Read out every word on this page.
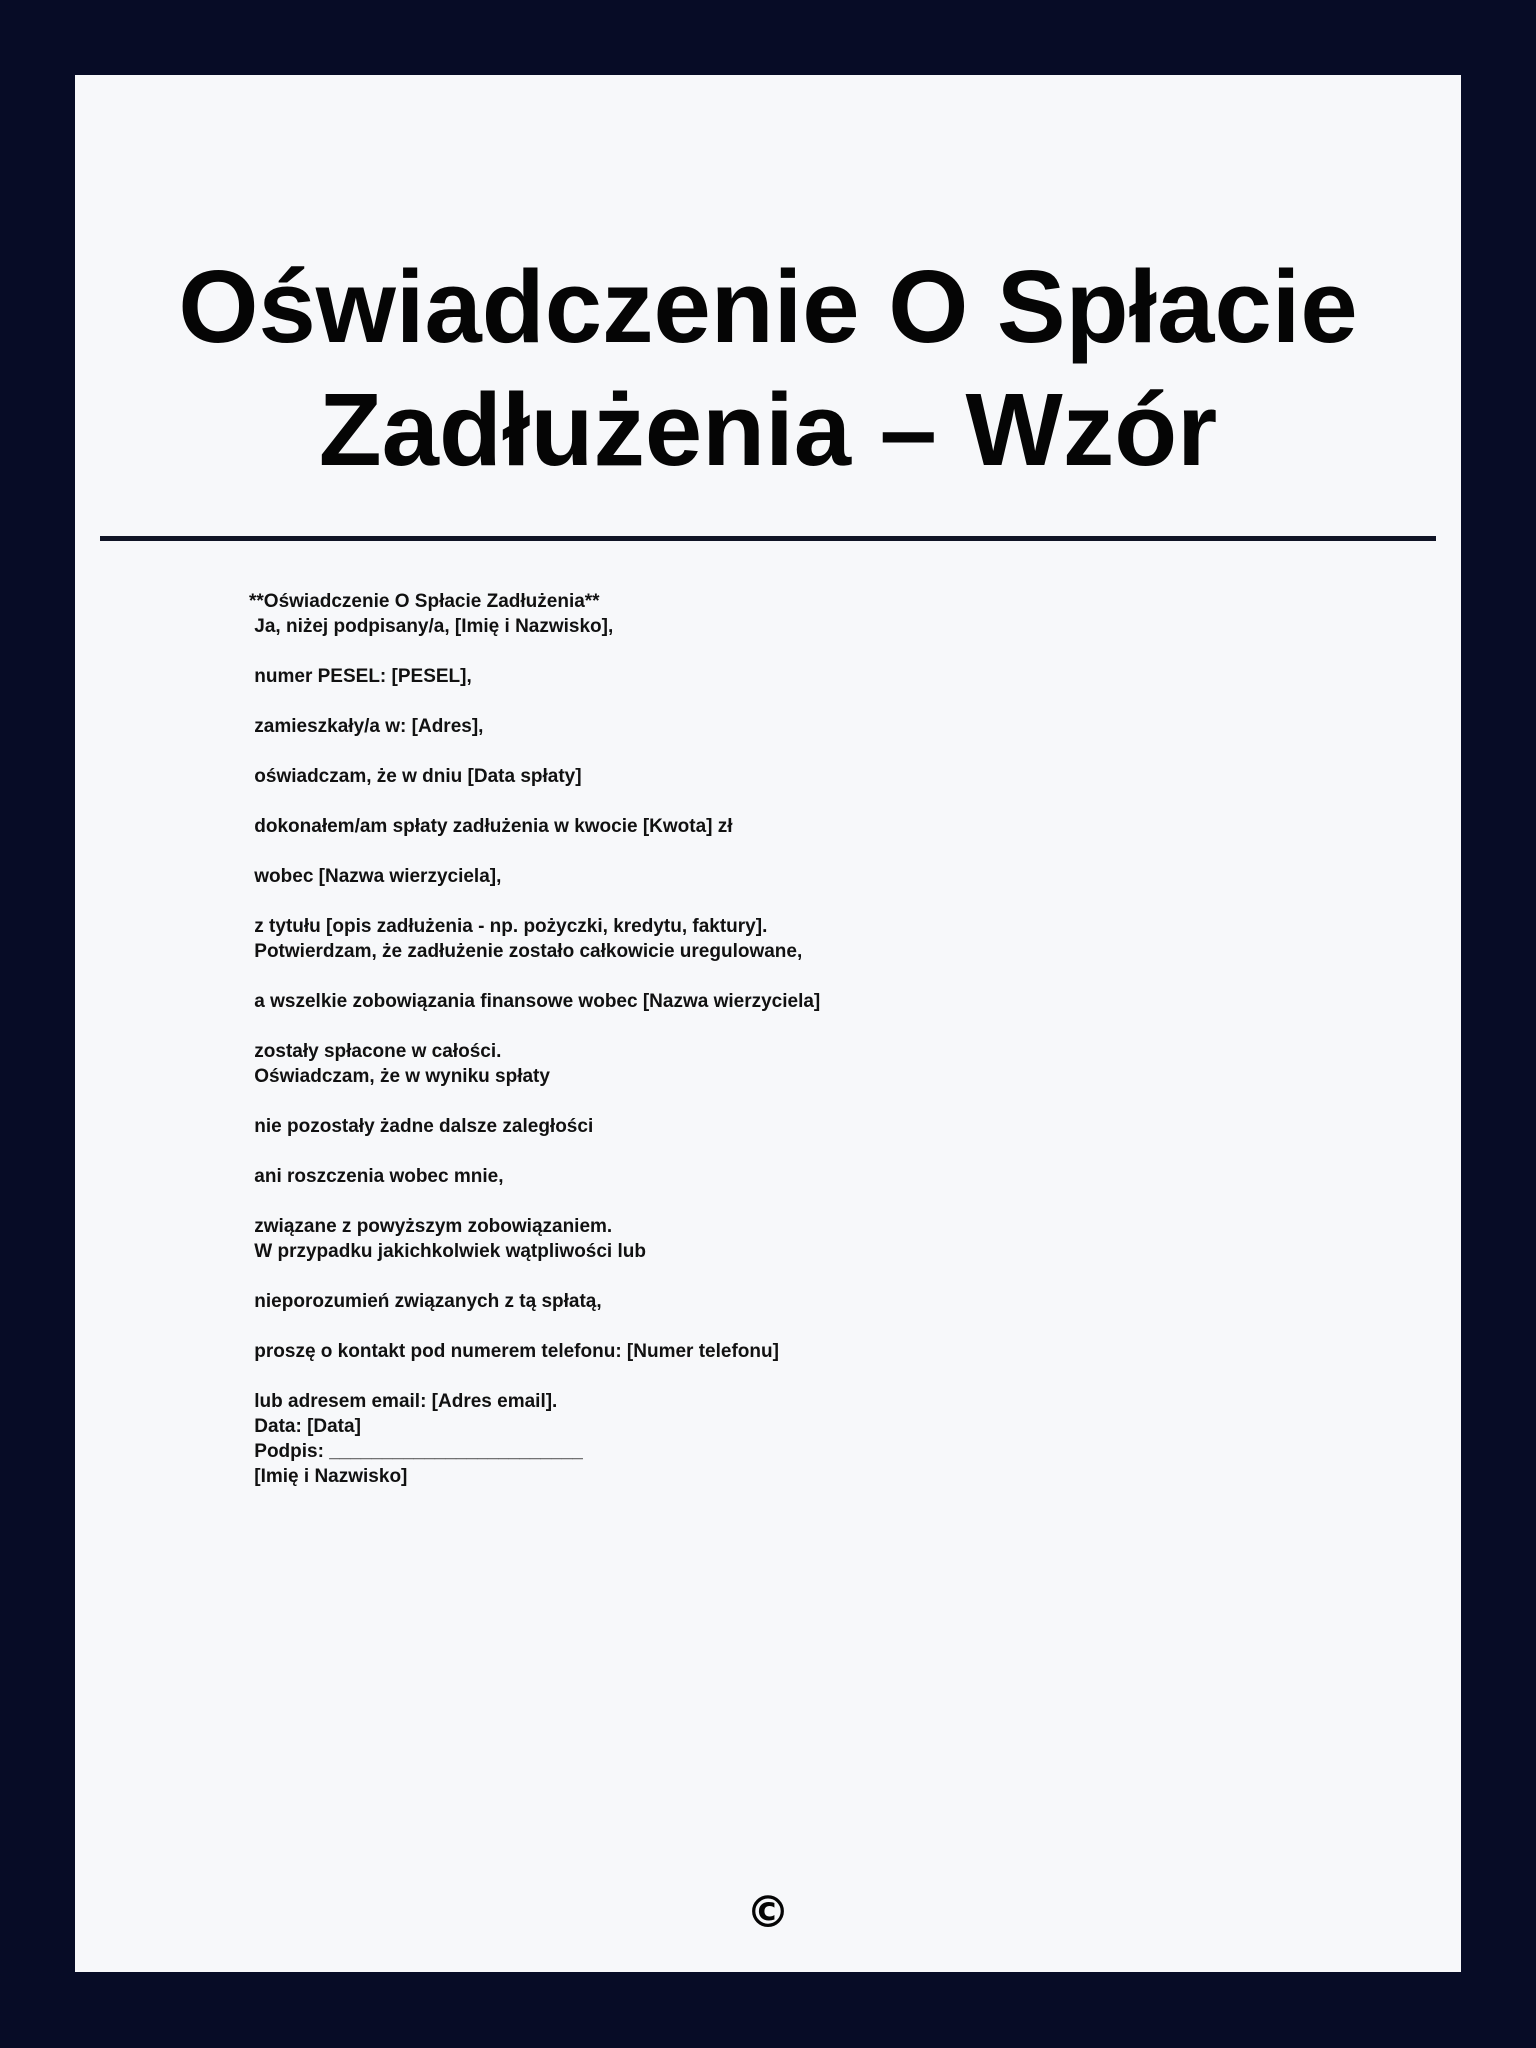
Oświadczenie O Spłacie Zadłużenia – Wzór
**Oświadczenie O Spłacie Zadłużenia**
Ja, niżej podpisany/a, [Imię i Nazwisko],

numer PESEL: [PESEL],

zamieszkały/a w: [Adres],

oświadczam, że w dniu [Data spłaty]

dokonałem/am spłaty zadłużenia w kwocie [Kwota] zł

wobec [Nazwa wierzyciela],

z tytułu [opis zadłużenia - np. pożyczki, kredytu, faktury].
Potwierdzam, że zadłużenie zostało całkowicie uregulowane,

a wszelkie zobowiązania finansowe wobec [Nazwa wierzyciela]

zostały spłacone w całości.
Oświadczam, że w wyniku spłaty

nie pozostały żadne dalsze zaległości

ani roszczenia wobec mnie,

związane z powyższym zobowiązaniem.
W przypadku jakichkolwiek wątpliwości lub

nieporozumień związanych z tą spłatą,

proszę o kontakt pod numerem telefonu: [Numer telefonu]

lub adresem email: [Adres email].
Data: [Data]
Podpis: ________________________
[Imię i Nazwisko]
©
